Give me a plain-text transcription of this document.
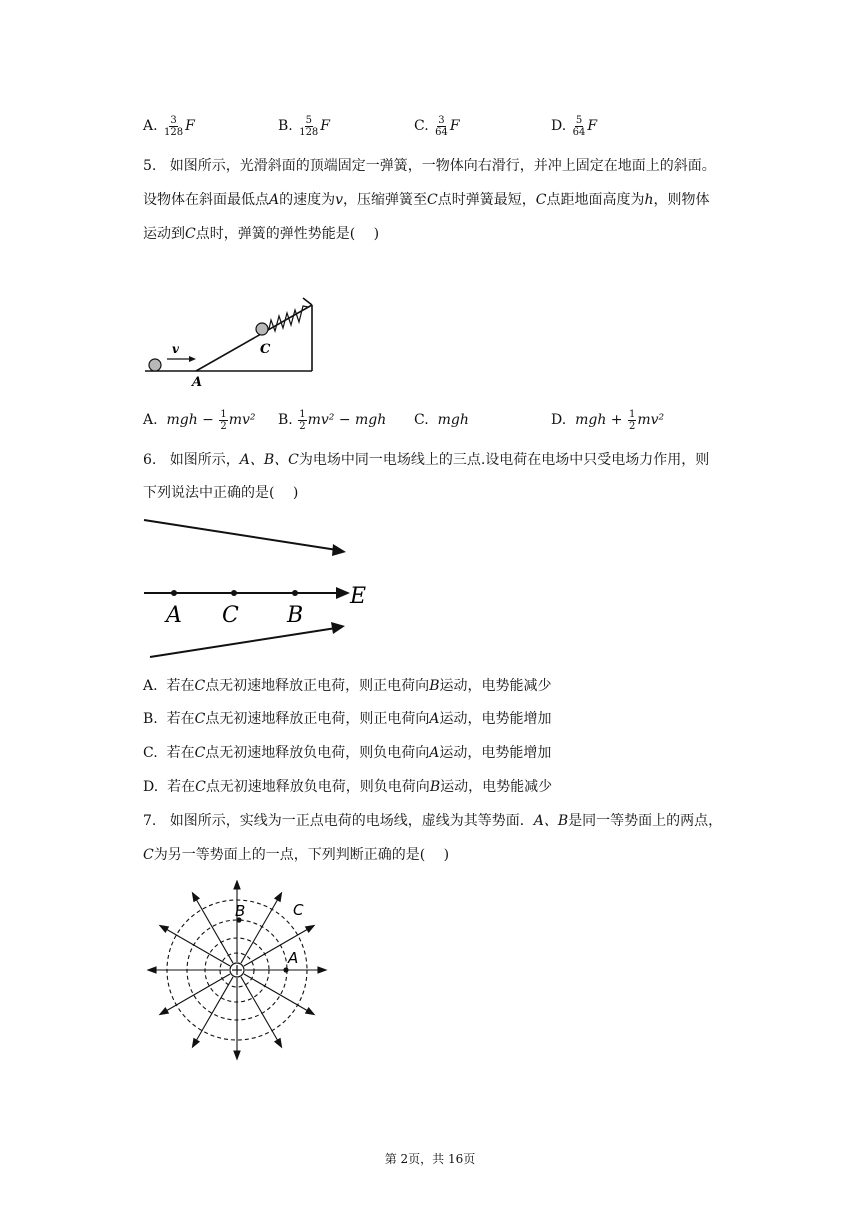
A. $\frac{3}{128}$ F	B. $\frac{5}{128}$ F	C. $\frac{3}{64}$ F	D. $\frac{5}{64}$ F
5. 如图所示，光滑斜面的顶端固定一弹簧，一物体向右滑行，并冲上固定在地面上的斜面。
设物体在斜面最低点A的速度为v，压缩弹簧至C点时弹簧最短，C点距地面高度为h，则物体
运动到C点时，弹簧的弹性势能是(　 )
v
A
C
A. mgh − $\frac{1}{2} mv^2$ B. $\frac{1}{2} mv^2$ − mgh C. mgh	D. mgh + $\frac{1}{2} mv^2$
6. 如图所示，A、B、C为电场中同一电场线上的三点.设电荷在电场中只受电场力作用，则
下列说法中正确的是(　 )
A C B
E
A. 若在C点无初速地释放正电荷，则正电荷向B运动，电势能减少
B. 若在C点无初速地释放正电荷，则正电荷向A运动，电势能增加
C. 若在C点无初速地释放负电荷，则负电荷向A运动，电势能增加
D. 若在C点无初速地释放负电荷，则负电荷向B运动，电势能减少
7. 如图所示，实线为一正点电荷的电场线，虚线为其等势面．A、B是同一等势面上的两点，
C为另一等势面上的一点，下列判断正确的是(　 )
B	C
A
第 2页，共 16页
